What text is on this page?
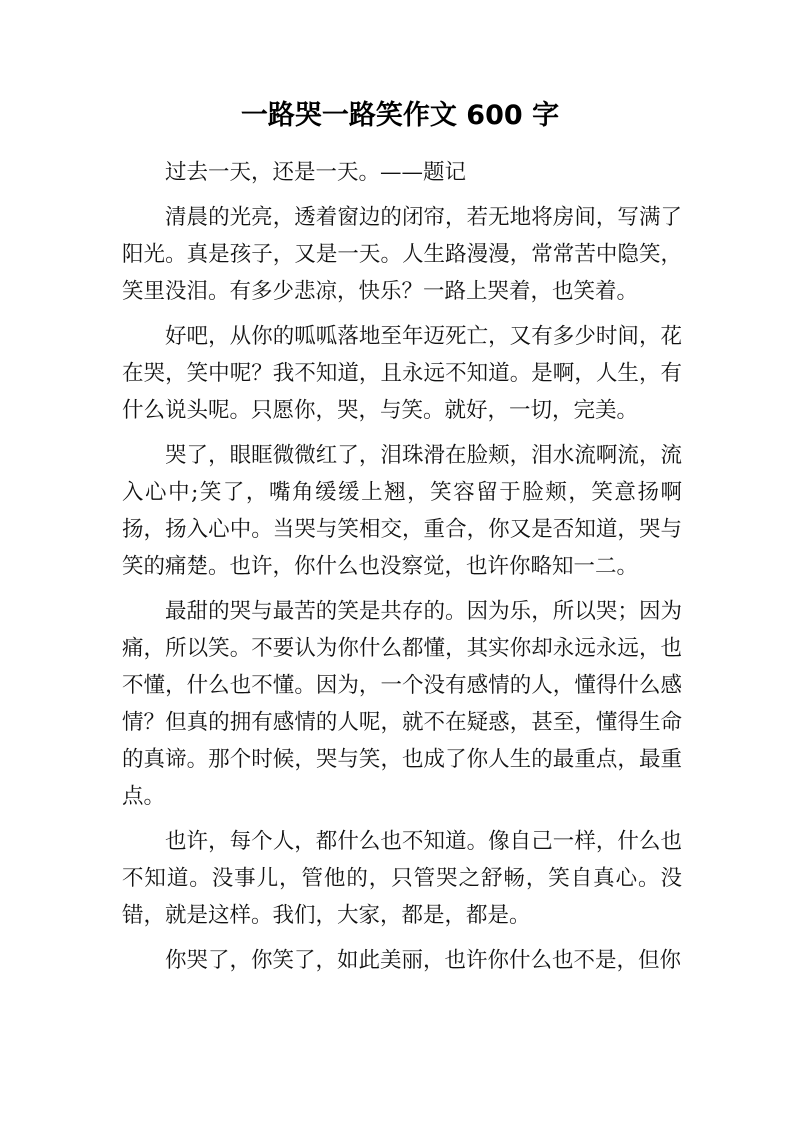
一路哭一路笑作文 600 字

过去一天，还是一天。——题记

清晨的光亮，透着窗边的闭帘，若无地将房间，写满了阳光。真是孩子，又是一天。人生路漫漫，常常苦中隐笑，笑里没泪。有多少悲凉，快乐？一路上哭着，也笑着。

好吧，从你的呱呱落地至年迈死亡，又有多少时间，花在哭，笑中呢？我不知道，且永远不知道。是啊，人生，有什么说头呢。只愿你，哭，与笑。就好，一切，完美。

哭了，眼眶微微红了，泪珠滑在脸颊，泪水流啊流，流入心中;笑了，嘴角缓缓上翘，笑容留于脸颊，笑意扬啊扬，扬入心中。当哭与笑相交，重合，你又是否知道，哭与笑的痛楚。也许，你什么也没察觉，也许你略知一二。

最甜的哭与最苦的笑是共存的。因为乐，所以哭；因为痛，所以笑。不要认为你什么都懂，其实你却永远永远，也不懂，什么也不懂。因为，一个没有感情的人，懂得什么感情？但真的拥有感情的人呢，就不在疑惑，甚至，懂得生命的真谛。那个时候，哭与笑，也成了你人生的最重点，最重点。

也许，每个人，都什么也不知道。像自己一样，什么也不知道。没事儿，管他的，只管哭之舒畅，笑自真心。没错，就是这样。我们，大家，都是，都是。

你哭了，你笑了，如此美丽，也许你什么也不是，但你
